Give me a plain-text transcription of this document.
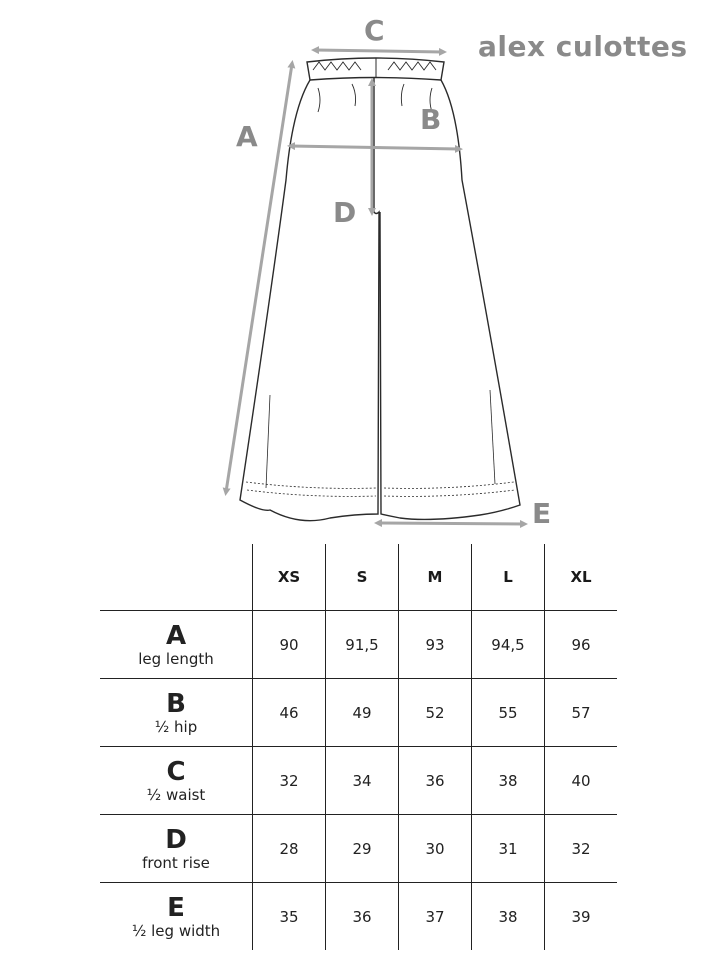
alex culottes
A
B
C
D
E
	XS	S	M	L	XL

A
leg length	90	91,5	93	94,5	96

B
½ hip	46	49	52	55	57

C
½ waist	32	34	36	38	40

D
front rise	28	29	30	31	32

E
½ leg width	35	36	37	38	39
